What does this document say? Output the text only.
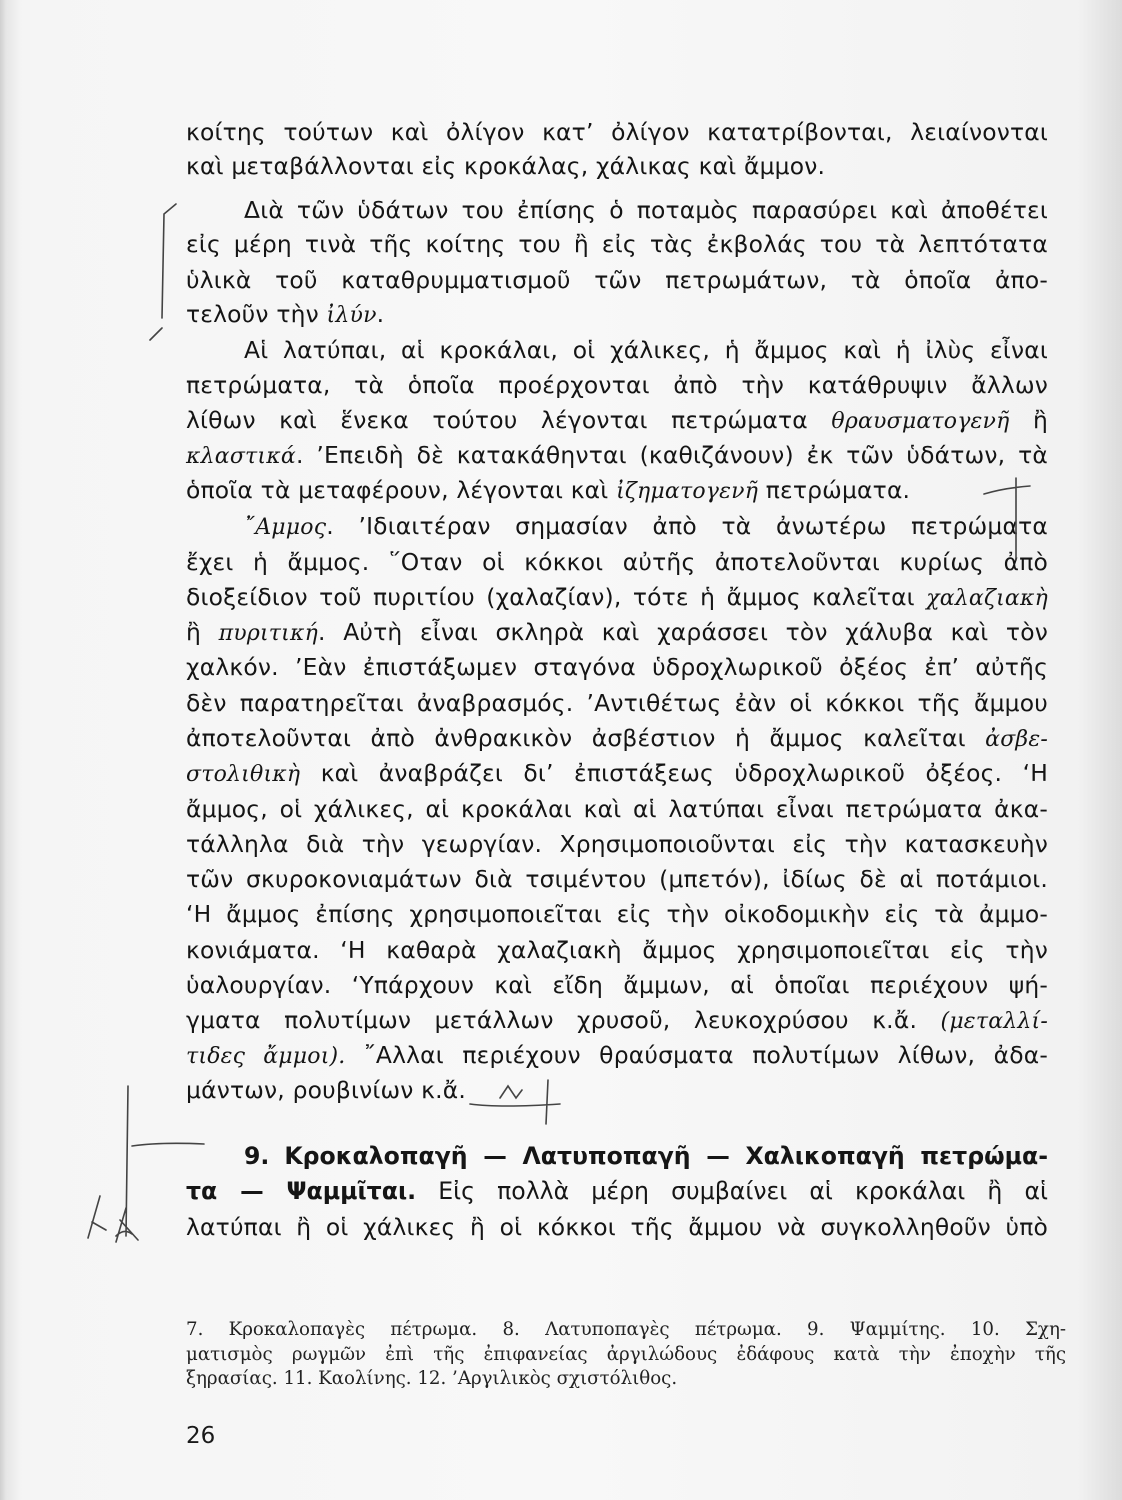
κοίτης τούτων καὶ ὀλίγον κατ’ ὀλίγον κατατρίβονται, λειαίνονται
καὶ μεταβάλλονται εἰς κροκάλας, χάλικας καὶ ἄμμον.
Διὰ τῶν ὑδάτων του ἐπίσης ὁ ποταμὸς παρασύρει καὶ ἀποθέτει
εἰς μέρη τινὰ τῆς κοίτης του ἢ εἰς τὰς ἐκβολάς του τὰ λεπτότατα
ὑλικὰ τοῦ καταθρυμματισμοῦ τῶν πετρωμάτων, τὰ ὁποῖα ἀπο-
τελοῦν τὴν ἰλύν.
Αἱ λατύπαι, αἱ κροκάλαι, οἱ χάλικες, ἡ ἄμμος καὶ ἡ ἰλὺς εἶναι
πετρώματα, τὰ ὁποῖα προέρχονται ἀπὸ τὴν κατάθρυψιν ἄλλων
λίθων καὶ ἕνεκα τούτου λέγονται πετρώματα θραυσματογενῆ ἢ
κλαστικά. ’Επειδὴ δὲ κατακάθηνται (καθιζάνουν) ἐκ τῶν ὑδάτων, τὰ
ὁποῖα τὰ μεταφέρουν, λέγονται καὶ ἰζηματογενῆ πετρώματα.
῎Αμμος. ’Ιδιαιτέραν σημασίαν ἀπὸ τὰ ἀνωτέρω πετρώματα
ἔχει ἡ ἄμμος. ῞Οταν οἱ κόκκοι αὐτῆς ἀποτελοῦνται κυρίως ἀπὸ
διοξείδιον τοῦ πυριτίου (χαλαζίαν), τότε ἡ ἄμμος καλεῖται χαλαζιακὴ
ἢ πυριτική. Αὐτὴ εἶναι σκληρὰ καὶ χαράσσει τὸν χάλυβα καὶ τὸν
χαλκόν. ’Εὰν ἐπιστάξωμεν σταγόνα ὑδροχλωρικοῦ ὀξέος ἐπ’ αὐτῆς
δὲν παρατηρεῖται ἀναβρασμός. ’Αντιθέτως ἐὰν οἱ κόκκοι τῆς ἄμμου
ἀποτελοῦνται ἀπὸ ἀνθρακικὸν ἀσβέστιον ἡ ἄμμος καλεῖται ἀσβε-
στολιθικὴ καὶ ἀναβράζει δι’ ἐπιστάξεως ὑδροχλωρικοῦ ὀξέος. ‘Η
ἄμμος, οἱ χάλικες, αἱ κροκάλαι καὶ αἱ λατύπαι εἶναι πετρώματα ἀκα-
τάλληλα διὰ τὴν γεωργίαν. Χρησιμοποιοῦνται εἰς τὴν κατασκευὴν
τῶν σκυροκονιαμάτων διὰ τσιμέντου (μπετόν), ἰδίως δὲ αἱ ποτάμιοι.
‘Η ἄμμος ἐπίσης χρησιμοποιεῖται εἰς τὴν οἰκοδομικὴν εἰς τὰ ἀμμο-
κονιάματα. ‘Η καθαρὰ χαλαζιακὴ ἄμμος χρησιμοποιεῖται εἰς τὴν
ὑαλουργίαν. ‘Υπάρχουν καὶ εἴδη ἄμμων, αἱ ὁποῖαι περιέχουν ψή-
γματα πολυτίμων μετάλλων χρυσοῦ, λευκοχρύσου κ.ἄ. (μεταλλί-
τιδες ἄμμοι). ῎Αλλαι περιέχουν θραύσματα πολυτίμων λίθων, ἀδα-
μάντων, ρουβινίων κ.ἄ.
9. Κροκαλοπαγῆ — Λατυποπαγῆ — Χαλικοπαγῆ πετρώμα-
τα — Ψαμμῖται. Εἰς πολλὰ μέρη συμβαίνει αἱ κροκάλαι ἢ αἱ
λατύπαι ἢ οἱ χάλικες ἢ οἱ κόκκοι τῆς ἄμμου νὰ συγκολληθοῦν ὑπὸ
7. Κροκαλοπαγὲς πέτρωμα. 8. Λατυποπαγὲς πέτρωμα. 9. Ψαμμίτης. 10. Σχη-
ματισμὸς ρωγμῶν ἐπὶ τῆς ἐπιφανείας ἀργιλώδους ἐδάφους κατὰ τὴν ἐποχὴν τῆς
ξηρασίας. 11. Καολίνης. 12. ’Αργιλικὸς σχιστόλιθος.
26
